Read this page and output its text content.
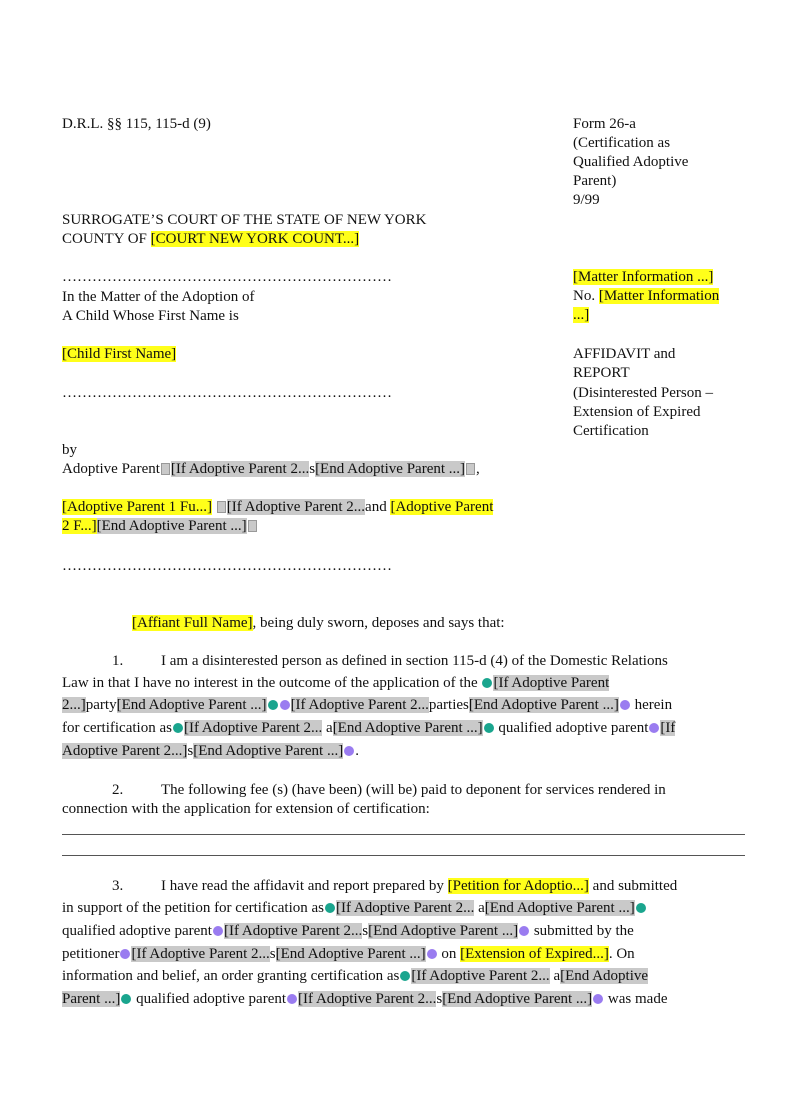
D.R.L. §§ 115, 115-d (9)	Form 26-a
(Certification as
Qualified Adoptive
Parent)
9/99
SURROGATE’S COURT OF THE STATE OF NEW YORK
COUNTY OF [COURT NEW YORK COUNT...]
…………………………………………………………
In the Matter of the Adoption of
A Child Whose First Name is
[Child First Name]
…………………………………………………………
by
Adoptive Parent [If Adoptive Parent 2...s[End Adoptive Parent ...] ,
[Adoptive Parent 1 Fu...] [If Adoptive Parent 2...and [Adoptive Parent
2 F...][End Adoptive Parent ...]
…………………………………………………………
[Matter Information ...]
No. [Matter Information
...]
AFFIDAVIT and
REPORT
(Disinterested Person –
Extension of Expired
Certification
[Affiant Full Name], being duly sworn, deposes and says that:
1.	I am a disinterested person as defined in section 115-d (4) of the Domestic Relations
Law in that I have no interest in the outcome of the application of the [If Adoptive Parent
2...]party[End Adoptive Parent ...] [If Adoptive Parent 2...parties[End Adoptive Parent ...] herein
for certification as [If Adoptive Parent 2... a[End Adoptive Parent ...] qualified adoptive parent [If
Adoptive Parent 2...]s[End Adoptive Parent ...] .
2.	The following fee (s) (have been) (will be) paid to deponent for services rendered in
connection with the application for extension of certification:
3.	I have read the affidavit and report prepared by [Petition for Adoptio...] and submitted
in support of the petition for certification as [If Adoptive Parent 2... a[End Adoptive Parent ...]
qualified adoptive parent [If Adoptive Parent 2...s[End Adoptive Parent ...] submitted by the
petitioner [If Adoptive Parent 2...s[End Adoptive Parent ...] on [Extension of Expired...]. On
information and belief, an order granting certification as [If Adoptive Parent 2... a[End Adoptive
Parent ...] qualified adoptive parent [If Adoptive Parent 2...s[End Adoptive Parent ...] was made
